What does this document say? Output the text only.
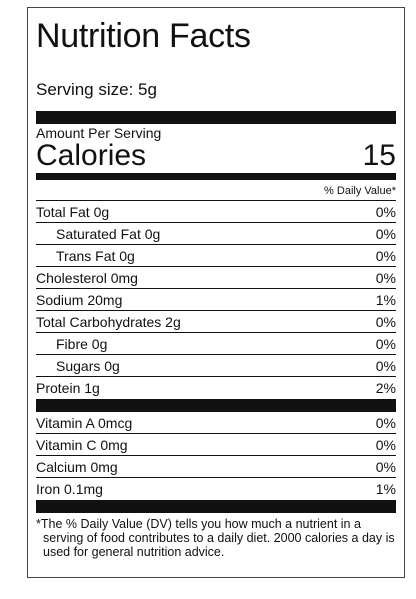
Nutrition Facts
Serving size: 5g
Amount Per Serving
Calories	15
% Daily Value*
Total Fat 0g	0%
Saturated Fat 0g	0%
Trans Fat 0g	0%
Cholesterol 0mg	0%
Sodium 20mg	1%
Total Carbohydrates 2g	0%
Fibre 0g	0%
Sugars 0g	0%
Protein 1g	2%
Vitamin A 0mcg	0%
Vitamin C 0mg	0%
Calcium 0mg	0%
Iron 0.1mg	1%
*The % Daily Value (DV) tells you how much a nutrient in a serving of food contributes to a daily diet. 2000 calories a day is used for general nutrition advice.
